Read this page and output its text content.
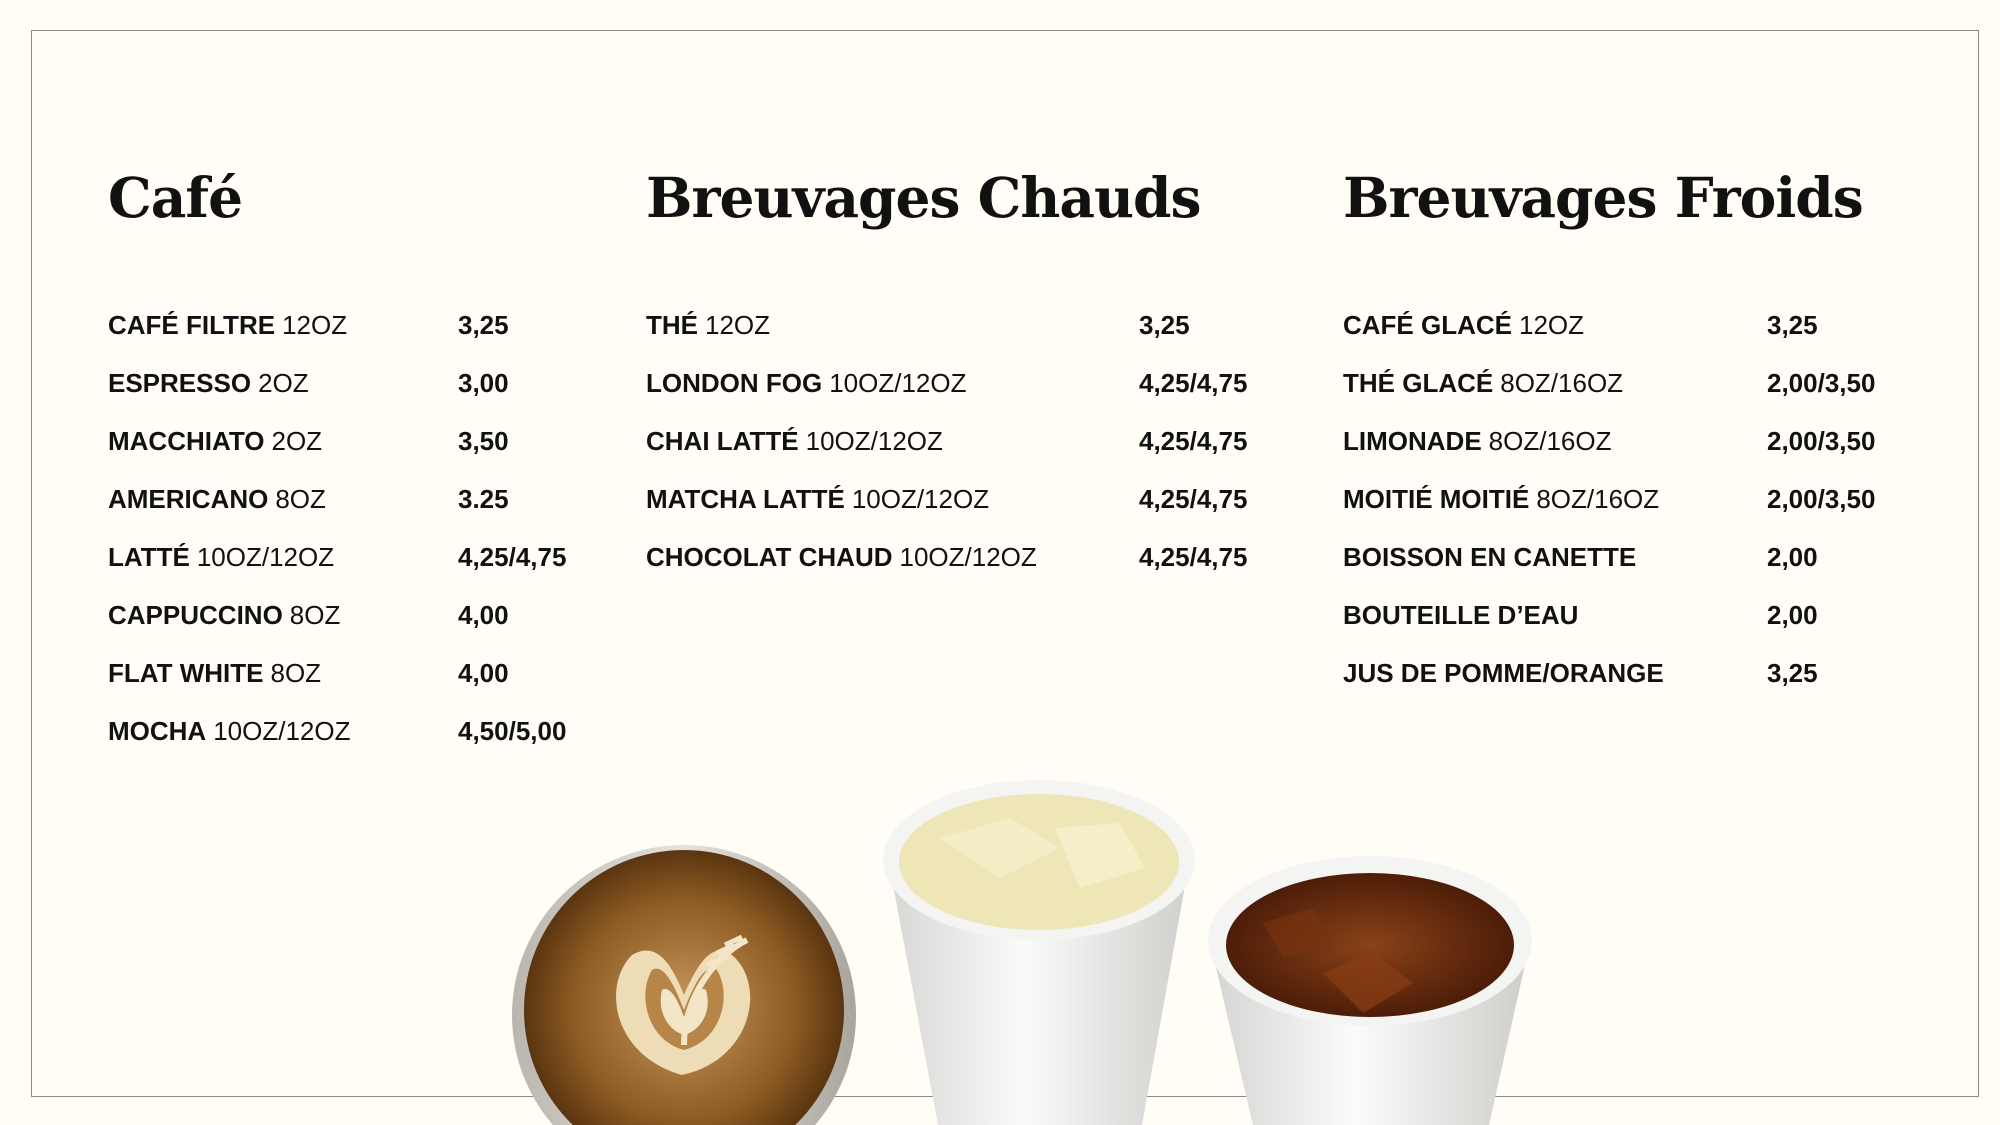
Café
CAFÉ FILTRE 12OZ	3,25
ESPRESSO 2OZ	3,00
MACCHIATO 2OZ	3,50
AMERICANO 8OZ	3.25
LATTÉ 10OZ/12OZ	4,25/4,75
CAPPUCCINO 8OZ	4,00
FLAT WHITE 8OZ	4,00
MOCHA 10OZ/12OZ	4,50/5,00
Breuvages Chauds
THÉ 12OZ	3,25
LONDON FOG 10OZ/12OZ	4,25/4,75
CHAI LATTÉ 10OZ/12OZ	4,25/4,75
MATCHA LATTÉ 10OZ/12OZ	4,25/4,75
CHOCOLAT CHAUD 10OZ/12OZ	4,25/4,75
Breuvages Froids
CAFÉ GLACÉ 12OZ	3,25
THÉ GLACÉ 8OZ/16OZ	2,00/3,50
LIMONADE 8OZ/16OZ	2,00/3,50
MOITIÉ MOITIÉ 8OZ/16OZ	2,00/3,50
BOISSON EN CANETTE	2,00
BOUTEILLE D’EAU	2,00
JUS DE POMME/ORANGE	3,25
